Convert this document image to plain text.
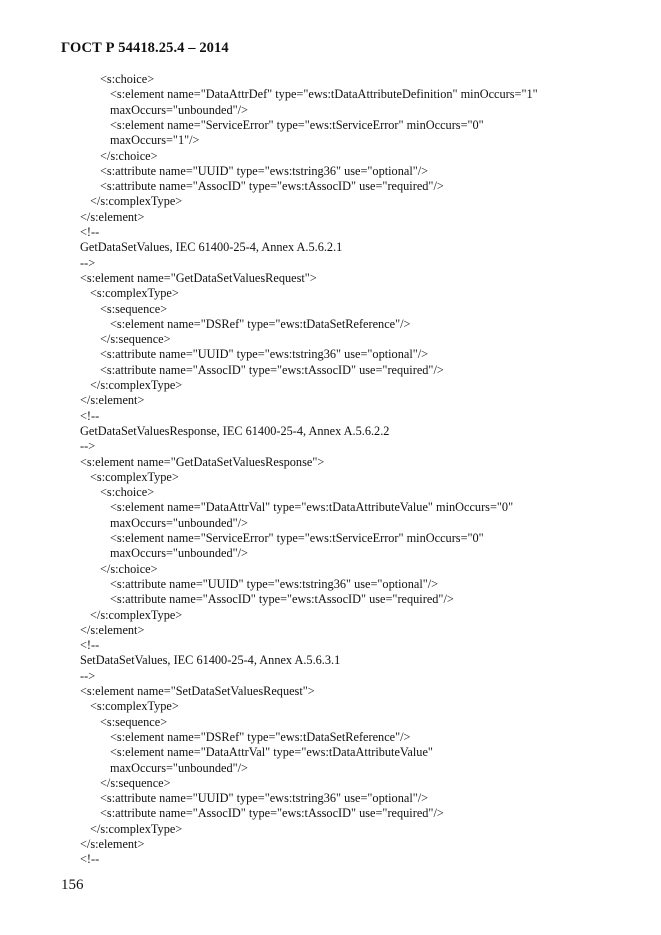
ГОСТ Р 54418.25.4 – 2014
<s:choice>
<s:element name="DataAttrDef" type="ews:tDataAttributeDefinition" minOccurs="1"
maxOccurs="unbounded"/>
<s:element name="ServiceError" type="ews:tServiceError" minOccurs="0"
maxOccurs="1"/>
</s:choice>
<s:attribute name="UUID" type="ews:tstring36" use="optional"/>
<s:attribute name="AssocID" type="ews:tAssocID" use="required"/>
</s:complexType>
</s:element>
<!--
GetDataSetValues, IEC 61400-25-4, Annex A.5.6.2.1
-->
<s:element name="GetDataSetValuesRequest">
<s:complexType>
<s:sequence>
<s:element name="DSRef" type="ews:tDataSetReference"/>
</s:sequence>
<s:attribute name="UUID" type="ews:tstring36" use="optional"/>
<s:attribute name="AssocID" type="ews:tAssocID" use="required"/>
</s:complexType>
</s:element>
<!--
GetDataSetValuesResponse, IEC 61400-25-4, Annex A.5.6.2.2
-->
<s:element name="GetDataSetValuesResponse">
<s:complexType>
<s:choice>
<s:element name="DataAttrVal" type="ews:tDataAttributeValue" minOccurs="0"
maxOccurs="unbounded"/>
<s:element name="ServiceError" type="ews:tServiceError" minOccurs="0"
maxOccurs="unbounded"/>
</s:choice>
<s:attribute name="UUID" type="ews:tstring36" use="optional"/>
<s:attribute name="AssocID" type="ews:tAssocID" use="required"/>
</s:complexType>
</s:element>
<!--
SetDataSetValues, IEC 61400-25-4, Annex A.5.6.3.1
-->
<s:element name="SetDataSetValuesRequest">
<s:complexType>
<s:sequence>
<s:element name="DSRef" type="ews:tDataSetReference"/>
<s:element name="DataAttrVal" type="ews:tDataAttributeValue"
maxOccurs="unbounded"/>
</s:sequence>
<s:attribute name="UUID" type="ews:tstring36" use="optional"/>
<s:attribute name="AssocID" type="ews:tAssocID" use="required"/>
</s:complexType>
</s:element>
<!--
156
